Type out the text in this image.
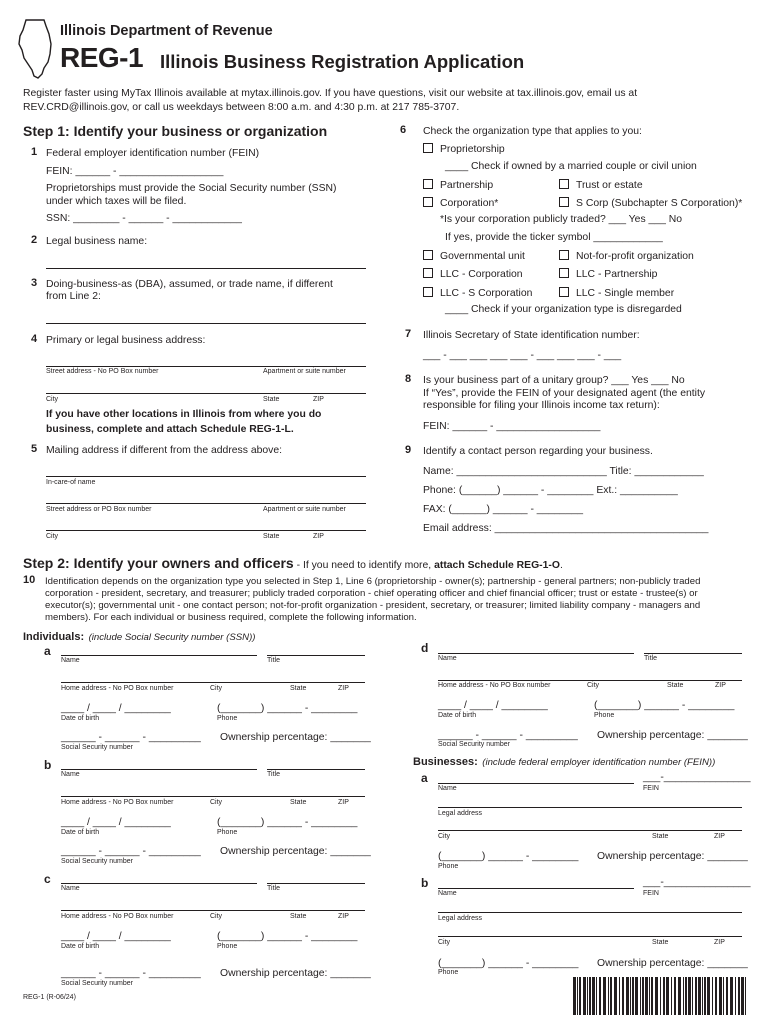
Illinois Department of Revenue
REG-1 Illinois Business Registration Application
Register faster using MyTax Illinois available at mytax.illinois.gov. If you have questions, visit our website at tax.illinois.gov, email us at
REV.CRD@illinois.gov, or call us weekdays between 8:00 a.m. and 4:30 p.m. at 217 785-3707.
Step 1: Identify your business or organization
1 Federal employer identification number (FEIN)
FEIN: ______ - __________________
Proprietorships must provide the Social Security number (SSN)
under which taxes will be filed.
SSN: ________ - ______ - ____________
2 Legal business name:
3 Doing-business-as (DBA), assumed, or trade name, if different
from Line 2:
4 Primary or legal business address:
Street address - No PO Box number	Apartment or suite number
City	State	ZIP
If you have other locations in Illinois from where you do
business, complete and attach Schedule REG-1-L.
5 Mailing address if different from the address above:
In-care-of name
Street address or PO Box number	Apartment or suite number
City	State	ZIP
6 Check the organization type that applies to you:
Proprietorship
____ Check if owned by a married couple or civil union
Partnership	Trust or estate
Corporation*	S Corp (Subchapter S Corporation)*
*Is your corporation publicly traded? ___ Yes ___ No
If yes, provide the ticker symbol ____________
Governmental unit	Not-for-profit organization
LLC - Corporation	LLC - Partnership
LLC - S Corporation	LLC - Single member
____ Check if your organization type is disregarded
7 Illinois Secretary of State identification number:
___ - ___ ___ ___ ___ - ___ ___ ___ - ___
8 Is your business part of a unitary group? ___ Yes ___ No
If “Yes”, provide the FEIN of your designated agent (the entity
responsible for filing your Illinois income tax return):
FEIN: ______ - __________________
9 Identify a contact person regarding your business.
Name: __________________________ Title: ____________
Phone: (______) ______ - ________ Ext.: __________
FAX: (______) ______ - ________
Email address: _____________________________________
Step 2: Identify your owners and officers - If you need to identify more, attach Schedule REG-1-O.
10 Identification depends on the organization type you selected in Step 1, Line 6 (proprietorship - owner(s); partnership - general partners; non-publicly traded
corporation - president, secretary, and treasurer; publicly traded corporation - chief operating officer and chief financial officer; trust or estate - trustee(s) or
executor(s); governmental unit - one contact person; not-for-profit organization - president, secretary, or treasurer; limited liability company - managers and
members). For each individual or business required, complete the following information.
Individuals: (include Social Security number (SSN))
a
Name	Title
Home address - No PO Box number	City	State	ZIP
____ / ____ / ________	(_______) ______ - ________
Date of birth	Phone
______ - ______ - _________ Ownership percentage: _______
Social Security number
b
Name	Title
Home address - No PO Box number	City	State	ZIP
____ / ____ / ________	(_______) ______ - ________
Date of birth	Phone
______ - ______ - _________ Ownership percentage: _______
Social Security number
c
Name	Title
Home address - No PO Box number	City	State	ZIP
____ / ____ / ________	(_______) ______ - ________
Date of birth	Phone
______ - ______ - _________ Ownership percentage: _______
Social Security number
d
Name	Title
Home address - No PO Box number	City	State	ZIP
____ / ____ / ________	(_______) ______ - ________
Date of birth	Phone
______ - ______ - _________ Ownership percentage: _______
Social Security number
Businesses: (include federal employer identification number (FEIN))
a	___-_______________
Name	FEIN
Legal address
City	State	ZIP
(_______) ______ - ________ Ownership percentage: _______
Phone
b	___-_______________
Name	FEIN
Legal address
City	State	ZIP
(_______) ______ - ________ Ownership percentage: _______
Phone
REG-1 (R-06/24)
